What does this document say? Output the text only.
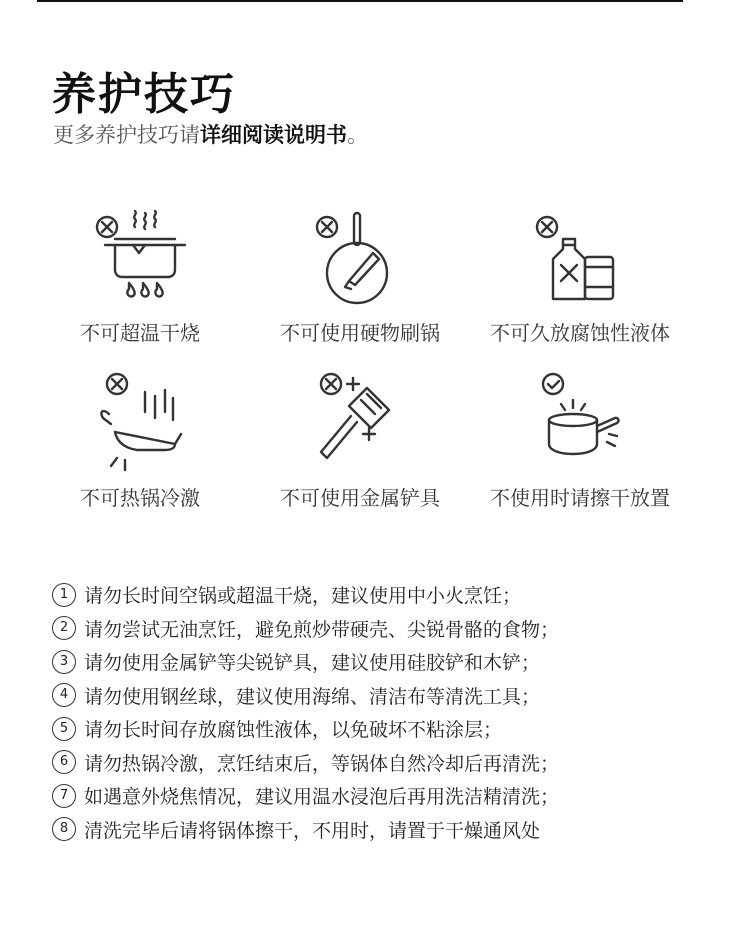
养护技巧
更多养护技巧请详细阅读说明书。
不可超温干烧	不可使用硬物刷锅	不可久放腐蚀性液体
不可热锅冷激	不可使用金属铲具	不使用时请擦干放置
1 请勿长时间空锅或超温干烧，建议使用中小火烹饪；
2 请勿尝试无油烹饪，避免煎炒带硬壳、尖锐骨骼的食物；
3 请勿使用金属铲等尖锐铲具，建议使用硅胶铲和木铲；
4 请勿使用钢丝球，建议使用海绵、清洁布等清洗工具；
5 请勿长时间存放腐蚀性液体，以免破坏不粘涂层；
6 请勿热锅冷激，烹饪结束后，等锅体自然冷却后再清洗；
7 如遇意外烧焦情况，建议用温水浸泡后再用洗洁精清洗；
8 清洗完毕后请将锅体擦干，不用时，请置于干燥通风处
